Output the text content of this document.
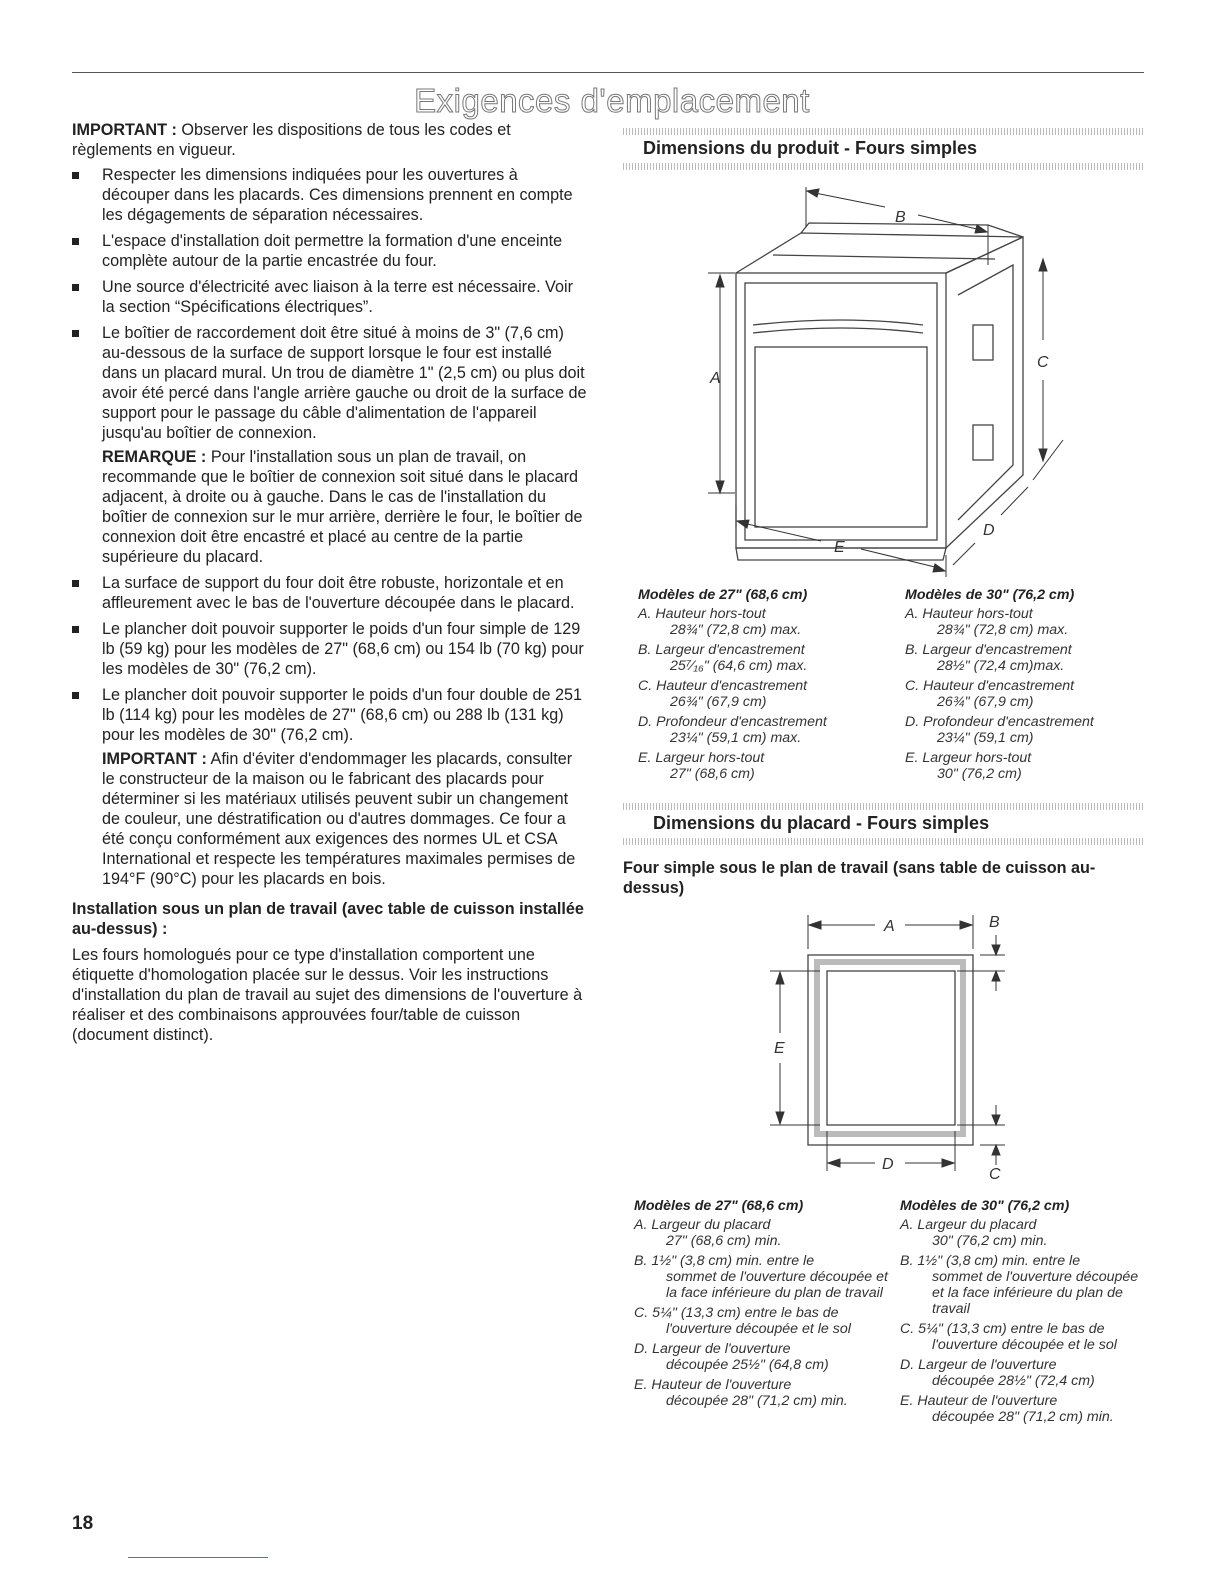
Exigences d'emplacement

IMPORTANT : Observer les dispositions de tous les codes et règlements en vigueur.

Respecter les dimensions indiquées pour les ouvertures à découper dans les placards. Ces dimensions prennent en compte les dégagements de séparation nécessaires.
L'espace d'installation doit permettre la formation d'une enceinte complète autour de la partie encastrée du four.
Une source d'électricité avec liaison à la terre est nécessaire. Voir la section “Spécifications électriques”.
Le boîtier de raccordement doit être situé à moins de 3" (7,6 cm) au-dessous de la surface de support lorsque le four est installé dans un placard mural. Un trou de diamètre 1" (2,5 cm) ou plus doit avoir été percé dans l'angle arrière gauche ou droit de la surface de support pour le passage du câble d'alimentation de l'appareil jusqu'au boîtier de connexion.

REMARQUE : Pour l'installation sous un plan de travail, on recommande que le boîtier de connexion soit situé dans le placard adjacent, à droite ou à gauche. Dans le cas de l'installation du boîtier de connexion sur le mur arrière, derrière le four, le boîtier de connexion doit être encastré et placé au centre de la partie supérieure du placard.

La surface de support du four doit être robuste, horizontale et en affleurement avec le bas de l'ouverture découpée dans le placard.
Le plancher doit pouvoir supporter le poids d'un four simple de 129 lb (59 kg) pour les modèles de 27" (68,6 cm) ou 154 lb (70 kg) pour les modèles de 30" (76,2 cm).
Le plancher doit pouvoir supporter le poids d'un four double de 251 lb (114 kg) pour les modèles de 27" (68,6 cm) ou 288 lb (131 kg) pour les modèles de 30" (76,2 cm).

IMPORTANT : Afin d'éviter d'endommager les placards, consulter le constructeur de la maison ou le fabricant des placards pour déterminer si les matériaux utilisés peuvent subir un changement de couleur, une déstratification ou d'autres dommages. Ce four a été conçu conformément aux exigences des normes UL et CSA International et respecte les températures maximales permises de 194°F (90°C) pour les placards en bois.

Installation sous un plan de travail (avec table de cuisson installée au-dessus) :

Les fours homologués pour ce type d'installation comportent une étiquette d'homologation placée sur le dessus. Voir les instructions d'installation du plan de travail au sujet des dimensions de l'ouverture à réaliser et des combinaisons approuvées four/table de cuisson (document distinct).

Dimensions du produit - Fours simples
A
B
C
D
E
Modèles de 27" (68,6 cm)
A. Hauteur hors-tout
28¾" (72,8 cm) max.
B. Largeur d'encastrement
25⁷⁄₁₆" (64,6 cm) max.
C. Hauteur d'encastrement
26¾" (67,9 cm)
D. Profondeur d'encastrement
23¼" (59,1 cm) max.
E. Largeur hors-tout
27" (68,6 cm)
Modèles de 30" (76,2 cm)
A. Hauteur hors-tout
28¾" (72,8 cm) max.
B. Largeur d'encastrement
28½" (72,4 cm)max.
C. Hauteur d'encastrement
26¾" (67,9 cm)
D. Profondeur d'encastrement
23¼" (59,1 cm)
E. Largeur hors-tout
30" (76,2 cm)
Dimensions du placard - Fours simples
Four simple sous le plan de travail (sans table de cuisson au-dessus)
A	B
C
D
E
Modèles de 27" (68,6 cm)
A. Largeur du placard
27" (68,6 cm) min.
B. 1½" (3,8 cm) min. entre le
sommet de l'ouverture découpée et la face inférieure du plan de travail
C. 5¼" (13,3 cm) entre le bas de
l'ouverture découpée et le sol
D. Largeur de l'ouverture
découpée 25½" (64,8 cm)
E. Hauteur de l'ouverture
découpée 28" (71,2 cm) min.
Modèles de 30" (76,2 cm)
A. Largeur du placard
30" (76,2 cm) min.
B. 1½" (3,8 cm) min. entre le
sommet de l'ouverture découpée et la face inférieure du plan de travail
C. 5¼" (13,3 cm) entre le bas de
l'ouverture découpée et le sol
D. Largeur de l'ouverture
découpée 28½" (72,4 cm)
E. Hauteur de l'ouverture
découpée 28" (71,2 cm) min.
18
